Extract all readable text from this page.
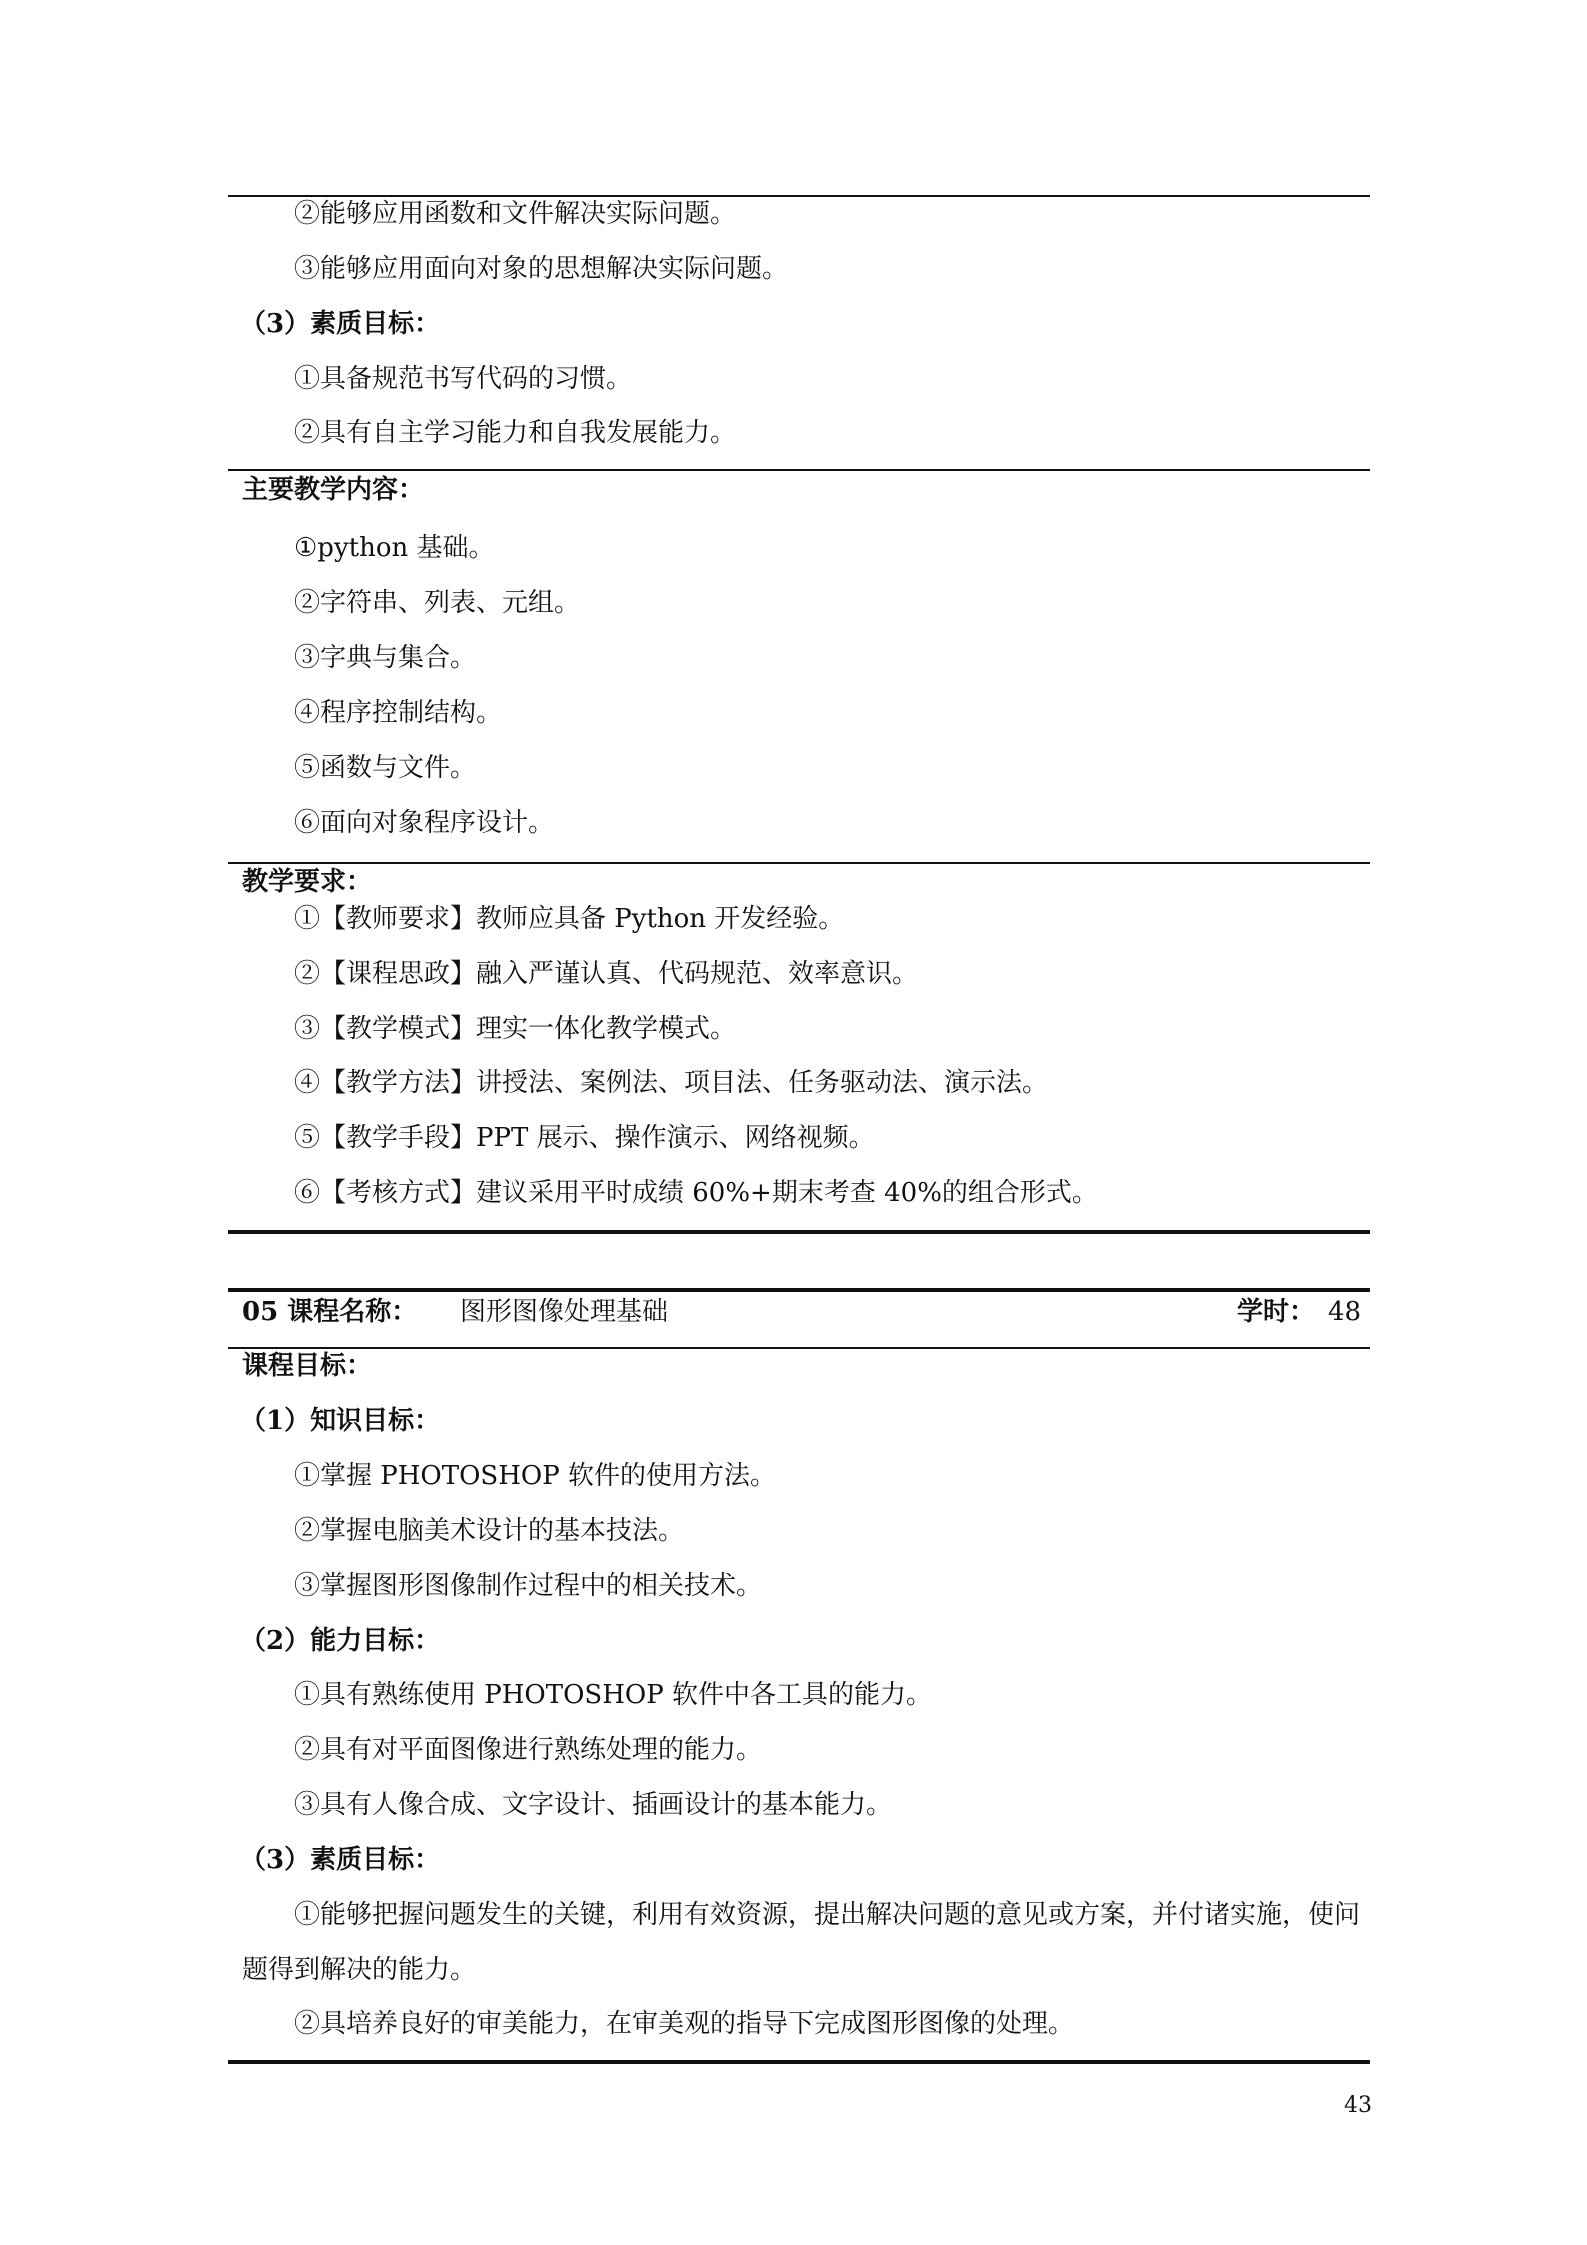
②能够应用函数和文件解决实际问题。
③能够应用面向对象的思想解决实际问题。
（3）素质目标：
①具备规范书写代码的习惯。
②具有自主学习能力和自我发展能力。
主要教学内容：
①python 基础。
②字符串、列表、元组。
③字典与集合。
④程序控制结构。
⑤函数与文件。
⑥面向对象程序设计。
教学要求：
①【教师要求】教师应具备 Python 开发经验。
②【课程思政】融入严谨认真、代码规范、效率意识。
③【教学模式】理实一体化教学模式。
④【教学方法】讲授法、案例法、项目法、任务驱动法、演示法。
⑤【教学手段】PPT 展示、操作演示、网络视频。
⑥【考核方式】建议采用平时成绩 60%+期末考查 40%的组合形式。
05 课程名称： 图形图像处理基础	学时： 48
课程目标：
（1）知识目标：
①掌握 PHOTOSHOP 软件的使用方法。
②掌握电脑美术设计的基本技法。
③掌握图形图像制作过程中的相关技术。
（2）能力目标：
①具有熟练使用 PHOTOSHOP 软件中各工具的能力。
②具有对平面图像进行熟练处理的能力。
③具有人像合成、文字设计、插画设计的基本能力。
（3）素质目标：
①能够把握问题发生的关键，利用有效资源，提出解决问题的意见或方案，并付诸实施，使问题得到解决的能力。
②具培养良好的审美能力，在审美观的指导下完成图形图像的处理。
43
